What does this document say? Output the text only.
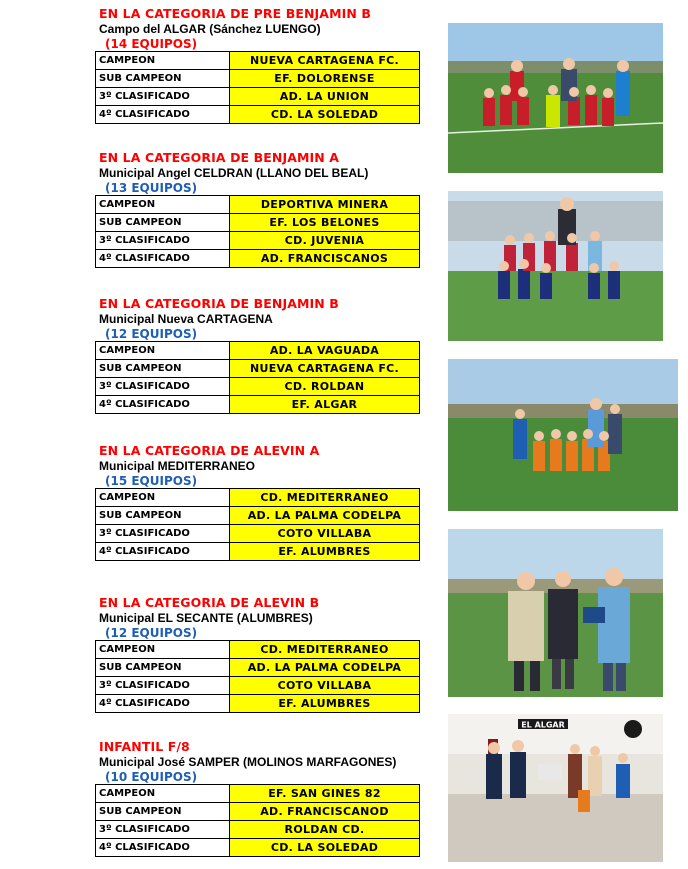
EN LA CATEGORIA DE PRE BENJAMIN B
Campo del ALGAR (Sánchez LUENGO)
(14 EQUIPOS)
CAMPEON	NUEVA CARTAGENA FC.
SUB CAMPEON	EF. DOLORENSE
3º CLASIFICADO	AD. LA UNION
4º CLASIFICADO	CD. LA SOLEDAD
EN LA CATEGORIA DE BENJAMIN A
Municipal Angel CELDRAN (LLANO DEL BEAL)
(13 EQUIPOS)
CAMPEON	DEPORTIVA MINERA
SUB CAMPEON	EF. LOS BELONES
3º CLASIFICADO	CD. JUVENIA
4º CLASIFICADO	AD. FRANCISCANOS
EN LA CATEGORIA DE BENJAMIN B
Municipal Nueva CARTAGENA
(12 EQUIPOS)
CAMPEON	AD. LA VAGUADA
SUB CAMPEON	NUEVA CARTAGENA FC.
3º CLASIFICADO	CD. ROLDAN
4º CLASIFICADO	EF. ALGAR
EN LA CATEGORIA DE ALEVIN A
Municipal MEDITERRANEO
(15 EQUIPOS)
CAMPEON	CD. MEDITERRANEO
SUB CAMPEON	AD. LA PALMA CODELPA
3º CLASIFICADO	COTO VILLABA
4º CLASIFICADO	EF. ALUMBRES
EN LA CATEGORIA DE ALEVIN B
Municipal EL SECANTE (ALUMBRES)
(12 EQUIPOS)
CAMPEON	CD. MEDITERRANEO
SUB CAMPEON	AD. LA PALMA CODELPA
3º CLASIFICADO	COTO VILLABA
4º CLASIFICADO	EF. ALUMBRES
INFANTIL F/8
Municipal José SAMPER (MOLINOS MARFAGONES)
(10 EQUIPOS)
CAMPEON	EF. SAN GINES 82
SUB CAMPEON	AD. FRANCISCANOD
3º CLASIFICADO	ROLDAN CD.
4º CLASIFICADO	CD. LA SOLEDAD
EL ALGAR
